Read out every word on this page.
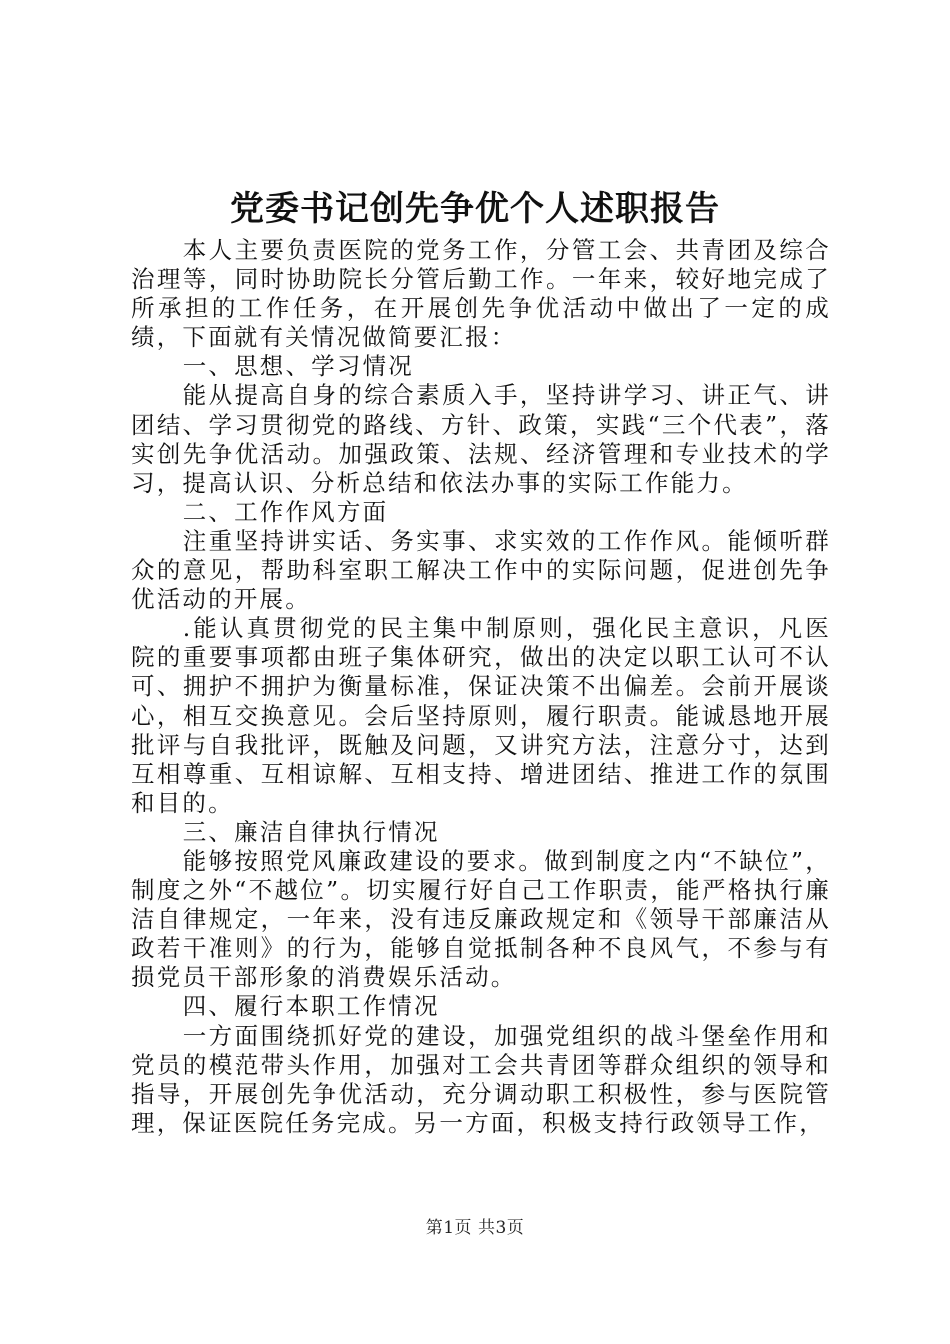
党委书记创先争优个人述职报告

本人主要负责医院的党务工作，分管工会、共青团及综合治理等，同时协助院长分管后勤工作。一年来，较好地完成了所承担的工作任务，在开展创先争优活动中做出了一定的成绩，下面就有关情况做简要汇报：

一、思想、学习情况

能从提高自身的综合素质入手，坚持讲学习、讲正气、讲团结、学习贯彻党的路线、方针、政策，实践“三个代表”，落实创先争优活动。加强政策、法规、经济管理和专业技术的学习，提高认识、分析总结和依法办事的实际工作能力。

二、工作作风方面

注重坚持讲实话、务实事、求实效的工作作风。能倾听群众的意见，帮助科室职工解决工作中的实际问题，促进创先争优活动的开展。

.能认真贯彻党的民主集中制原则，强化民主意识，凡医院的重要事项都由班子集体研究，做出的决定以职工认可不认可、拥护不拥护为衡量标准，保证决策不出偏差。会前开展谈心，相互交换意见。会后坚持原则，履行职责。能诚恳地开展批评与自我批评，既触及问题，又讲究方法，注意分寸，达到互相尊重、互相谅解、互相支持、增进团结、推进工作的氛围和目的。

三、廉洁自律执行情况

能够按照党风廉政建设的要求。做到制度之内“不缺位”，制度之外“不越位”。切实履行好自己工作职责，能严格执行廉洁自律规定，一年来，没有违反廉政规定和《领导干部廉洁从政若干准则》的行为，能够自觉抵制各种不良风气，不参与有损党员干部形象的消费娱乐活动。

四、履行本职工作情况

一方面围绕抓好党的建设，加强党组织的战斗堡垒作用和党员的模范带头作用，加强对工会共青团等群众组织的领导和指导，开展创先争优活动，充分调动职工积极性，参与医院管理，保证医院任务完成。另一方面，积极支持行政领导工作，

第1页 共3页
